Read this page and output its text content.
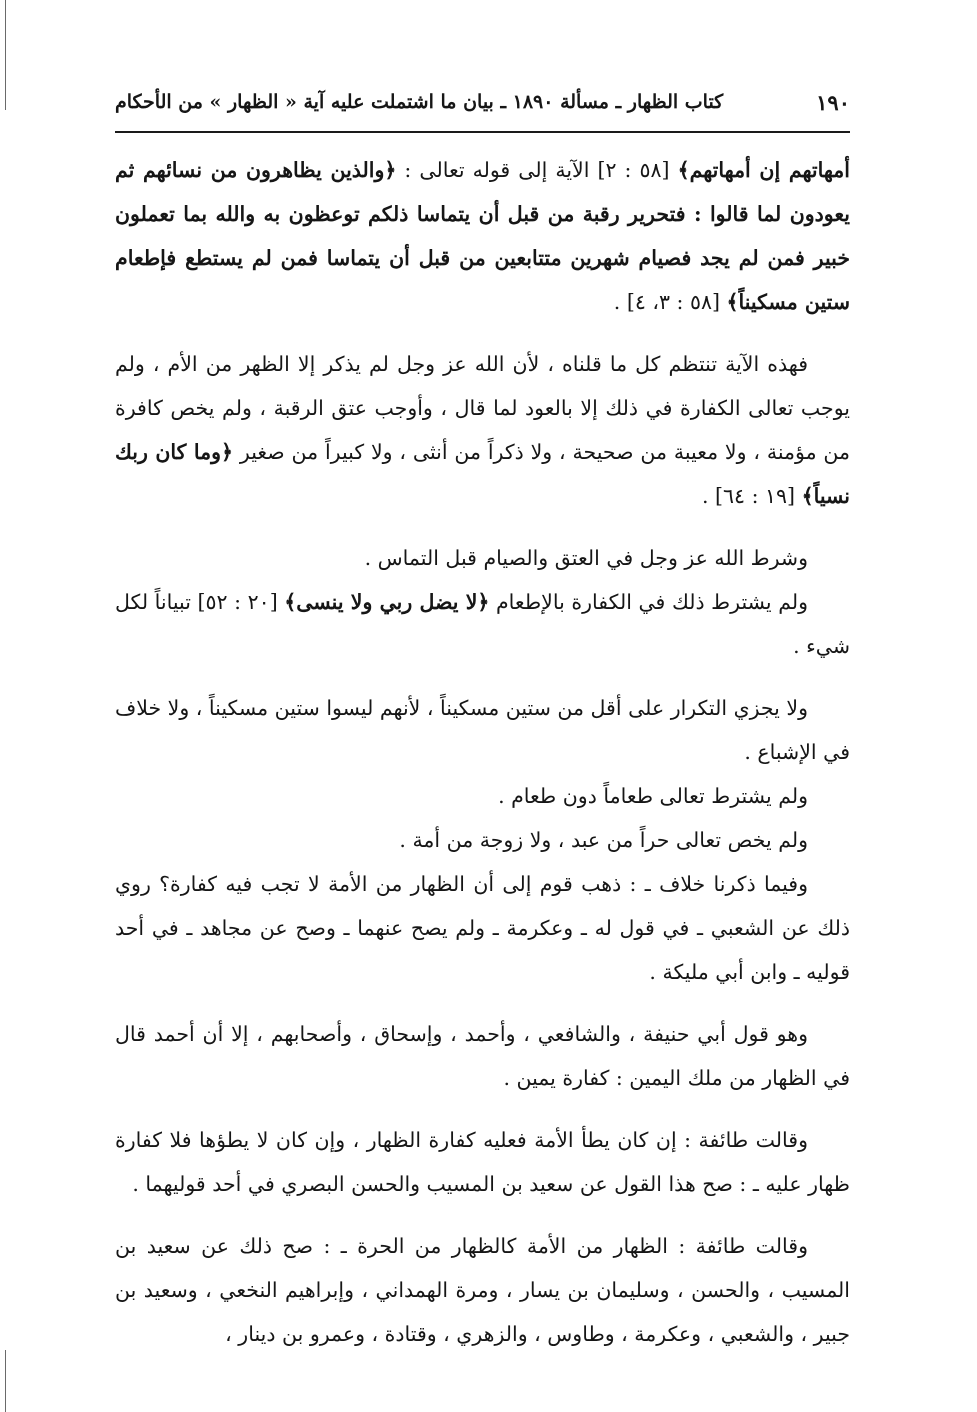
١٩٠
كتاب الظهار ـ مسألة ١٨٩٠ ـ بيان ما اشتملت عليه آية « الظهار » من الأحكام

أمهاتهم إن أمهاتهم﴾ [٥٨ : ٢] الآية إلى قوله تعالى : ﴿والذين يظاهرون من نسائهم ثم يعودون لما قالوا : فتحرير رقبة من قبل أن يتماسا ذلكم توعظون به والله بما تعملون خبير فمن لم يجد فصيام شهرين متتابعين من قبل أن يتماسا فمن لم يستطع فإطعام ستين مسكيناً﴾ [٥٨ : ٣، ٤] .

فهذه الآية تنتظم كل ما قلناه ، لأن الله عز وجل لم يذكر إلا الظهر من الأم ، ولم يوجب تعالى الكفارة في ذلك إلا بالعود لما قال ، وأوجب عتق الرقبة ، ولم يخص كافرة من مؤمنة ، ولا معيبة من صحيحة ، ولا ذكراً من أنثى ، ولا كبيراً من صغير ﴿وما كان ربك نسياً﴾ [١٩ : ٦٤] .

وشرط الله عز وجل في العتق والصيام قبل التماس .

ولم يشترط ذلك في الكفارة بالإطعام ﴿لا يضل ربي ولا ينسى﴾ [٢٠ : ٥٢] تبياناً لكل شيء .

ولا يجزي التكرار على أقل من ستين مسكيناً ، لأنهم ليسوا ستين مسكيناً ، ولا خلاف في الإشباع .

ولم يشترط تعالى طعاماً دون طعام .

ولم يخص تعالى حراً من عبد ، ولا زوجة من أمة .

وفيما ذكرنا خلاف ـ : ذهب قوم إلى أن الظهار من الأمة لا تجب فيه كفارة؟ روي ذلك عن الشعبي ـ في قول له ـ وعكرمة ـ ولم يصح عنهما ـ وصح عن مجاهد ـ في أحد قوليه ـ وابن أبي مليكة .

وهو قول أبي حنيفة ، والشافعي ، وأحمد ، وإسحاق ، وأصحابهم ، إلا أن أحمد قال في الظهار من ملك اليمين : كفارة يمين .

وقالت طائفة : إن كان يطأ الأمة فعليه كفارة الظهار ، وإن كان لا يطؤها فلا كفارة ظهار عليه ـ : صح هذا القول عن سعيد بن المسيب والحسن البصري في أحد قوليهما .

وقالت طائفة : الظهار من الأمة كالظهار من الحرة ـ : صح ذلك عن سعيد بن المسيب ، والحسن ، وسليمان بن يسار ، ومرة الهمداني ، وإبراهيم النخعي ، وسعيد بن جبير ، والشعبي ، وعكرمة ، وطاوس ، والزهري ، وقتادة ، وعمرو بن دينار ،
